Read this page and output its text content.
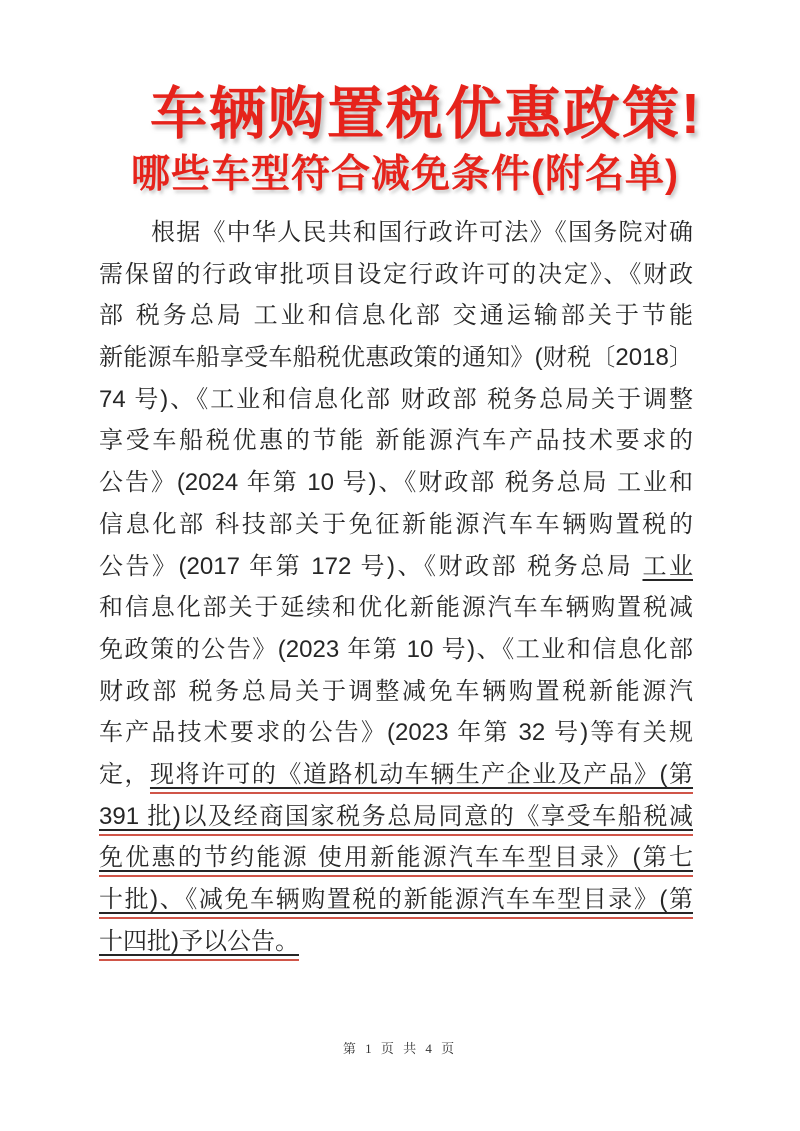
车辆购置税优惠政策!
哪些车型符合减免条件(附名单)
根据《中华人民共和国行政许可法》《国务院对确
需保留的行政审批项目设定行政许可的决定》、《财政
部 税务总局 工业和信息化部 交通运输部关于节能
新能源车船享受车船税优惠政策的通知》(财税〔2018〕
74 号)、《工业和信息化部 财政部 税务总局关于调整
享受车船税优惠的节能 新能源汽车产品技术要求的
公告》(2024 年第 10 号)、《财政部 税务总局 工业和
信息化部 科技部关于免征新能源汽车车辆购置税的
公告》(2017 年第 172 号)、《财政部 税务总局 工业
和信息化部关于延续和优化新能源汽车车辆购置税减
免政策的公告》(2023 年第 10 号)、《工业和信息化部
财政部 税务总局关于调整减免车辆购置税新能源汽
车产品技术要求的公告》(2023 年第 32 号)等有关规
定，现将许可的《道路机动车辆生产企业及产品》(第
391 批)以及经商国家税务总局同意的《享受车船税减
免优惠的节约能源 使用新能源汽车车型目录》(第七
十批)、《减免车辆购置税的新能源汽车车型目录》(第
十四批)予以公告。
第 1 页 共 4 页
